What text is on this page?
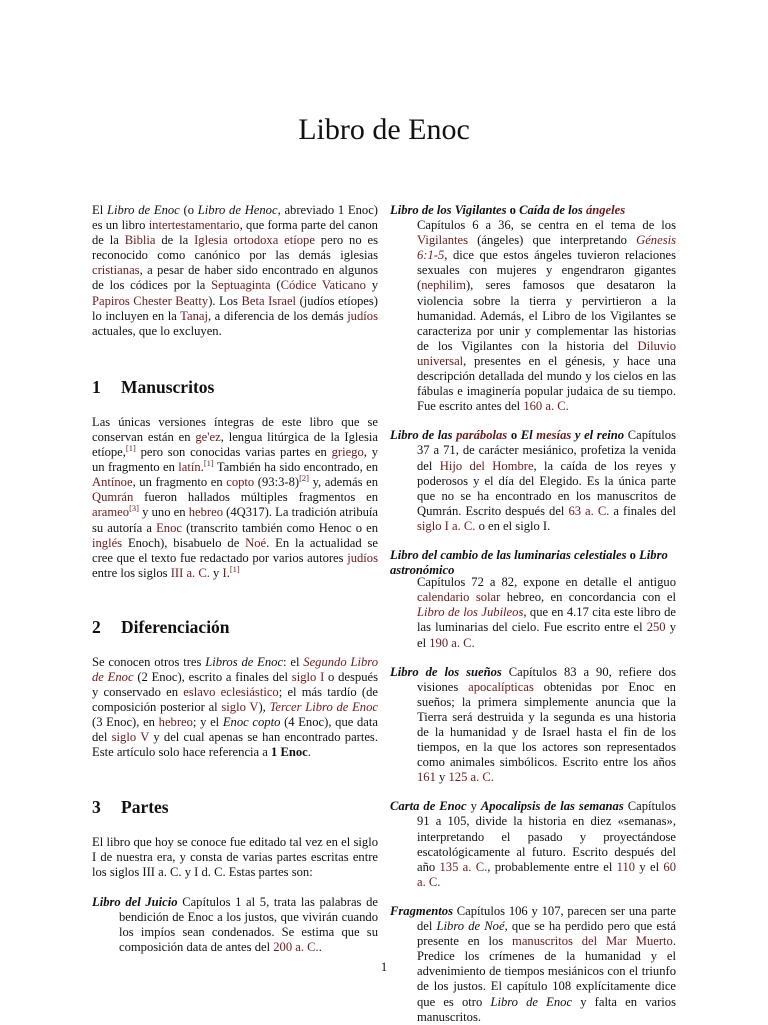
Libro de Enoc

El Libro de Enoc (o Libro de Henoc, abreviado 1 Enoc) es un libro intertestamentario, que forma parte del canon de la Biblia de la Iglesia ortodoxa etíope pero no es reconocido como canónico por las demás iglesias cristianas, a pesar de haber sido encontrado en algunos de los códices por la Septuaginta (Códice Vaticano y Papiros Chester Beatty). Los Beta Israel (judíos etíopes) lo incluyen en la Tanaj, a diferencia de los demás judíos actuales, que lo excluyen.

1 Manuscritos

Las únicas versiones íntegras de este libro que se conservan están en ge'ez, lengua litúrgica de la Iglesia etíope,[1] pero son conocidas varias partes en griego, y un fragmento en latín.[1] También ha sido encontrado, en Antínoe, un fragmento en copto (93:3-8)[2] y, además en Qumrán fueron hallados múltiples fragmentos en arameo[3] y uno en hebreo (4Q317). La tradición atribuía su autoría a Enoc (transcrito también como Henoc o en inglés Enoch), bisabuelo de Noé. En la actualidad se cree que el texto fue redactado por varios autores judíos entre los siglos III a. C. y I.[1]

2 Diferenciación

Se conocen otros tres Libros de Enoc: el Segundo Libro de Enoc (2 Enoc), escrito a finales del siglo I o después y conservado en eslavo eclesiástico; el más tardío (de composición posterior al siglo V), Tercer Libro de Enoc (3 Enoc), en hebreo; y el Enoc copto (4 Enoc), que data del siglo V y del cual apenas se han encontrado partes. Este artículo solo hace referencia a 1 Enoc.

3 Partes

El libro que hoy se conoce fue editado tal vez en el siglo I de nuestra era, y consta de varias partes escritas entre los siglos III a. C. y I d. C. Estas partes son:

Libro del Juicio Capítulos 1 al 5, trata las palabras de bendición de Enoc a los justos, que vivirán cuando los impíos sean condenados. Se estima que su composición data de antes del 200 a. C..

Libro de los Vigilantes o Caída de los ángeles

Capítulos 6 a 36, se centra en el tema de los Vigilantes (ángeles) que interpretando Génesis 6:1-5, dice que estos ángeles tuvieron relaciones sexuales con mujeres y engendraron gigantes (nephilim), seres famosos que desataron la violencia sobre la tierra y pervirtieron a la humanidad. Además, el Libro de los Vigilantes se caracteriza por unir y complementar las historias de los Vigilantes con la historia del Diluvio universal, presentes en el génesis, y hace una descripción detallada del mundo y los cielos en las fábulas e imaginería popular judaica de su tiempo. Fue escrito antes del 160 a. C.

Libro de las parábolas o El mesías y el reino Capítulos 37 a 71, de carácter mesiánico, profetiza la venida del Hijo del Hombre, la caída de los reyes y poderosos y el día del Elegido. Es la única parte que no se ha encontrado en los manuscritos de Qumrán. Escrito después del 63 a. C. a finales del siglo I a. C. o en el siglo I.

Libro del cambio de las luminarias celestiales o Libro astronómico

Capítulos 72 a 82, expone en detalle el antiguo calendario solar hebreo, en concordancia con el Libro de los Jubileos, que en 4.17 cita este libro de las luminarias del cielo. Fue escrito entre el 250 y el 190 a. C.

Libro de los sueños Capítulos 83 a 90, refiere dos visiones apocalípticas obtenidas por Enoc en sueños; la primera simplemente anuncia que la Tierra será destruida y la segunda es una historia de la humanidad y de Israel hasta el fin de los tiempos, en la que los actores son representados como animales simbólicos. Escrito entre los años 161 y 125 a. C.

Carta de Enoc y Apocalipsis de las semanas Capítulos 91 a 105, divide la historia en diez «semanas», interpretando el pasado y proyectándose escatológicamente al futuro. Escrito después del año 135 a. C., probablemente entre el 110 y el 60 a. C.

Fragmentos Capítulos 106 y 107, parecen ser una parte del Libro de Noé, que se ha perdido pero que está presente en los manuscritos del Mar Muerto. Predice los crímenes de la humanidad y el advenimiento de tiempos mesiánicos con el triunfo de los justos. El capítulo 108 explícitamente dice que es otro Libro de Enoc y falta en varios manuscritos.

1
